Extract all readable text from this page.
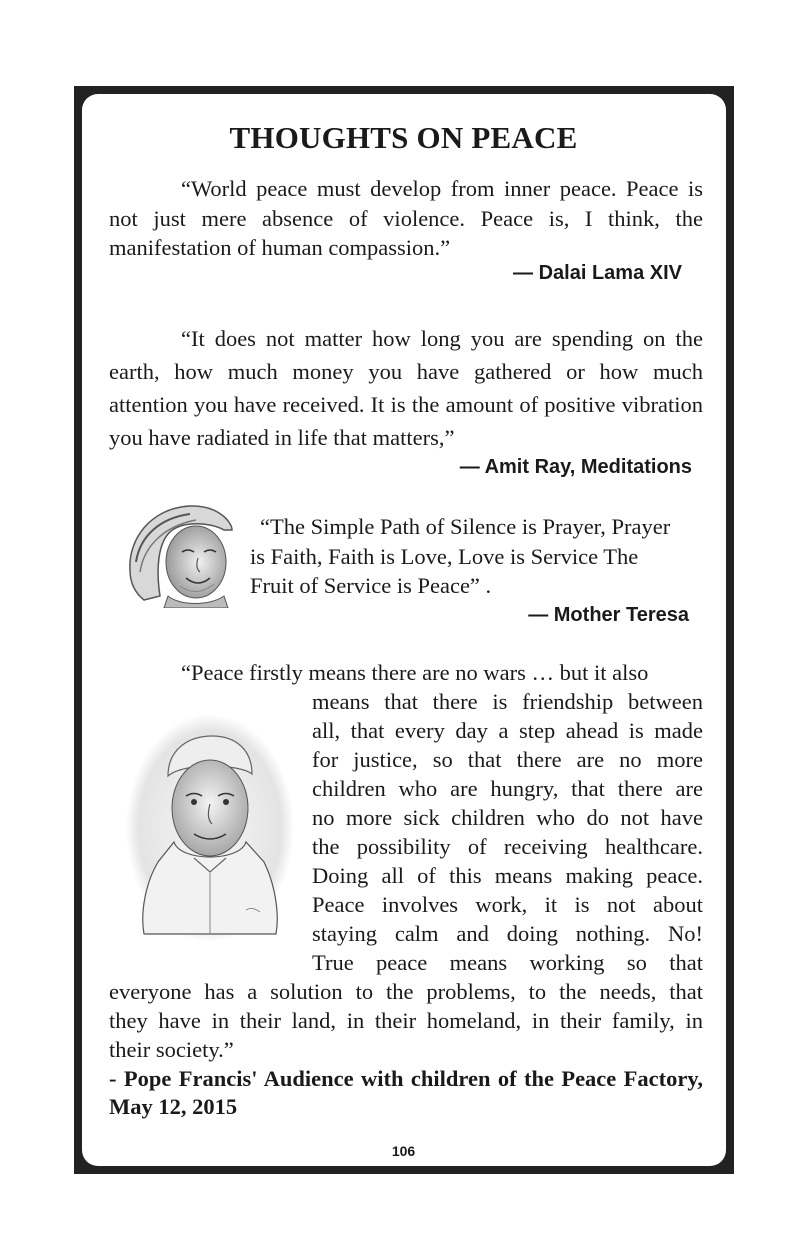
THOUGHTS ON PEACE

“World peace must develop from inner peace. Peace is not just mere absence of violence. Peace is, I think, the manifestation of human compassion.”

— Dalai Lama XIV

“It does not matter how long you are spending on the earth, how much money you have gathered or how much attention you have received. It is the amount of positive vibration you have radiated in life that matters,”

— Amit Ray, Meditations
“The Simple Path of Silence is Prayer, Prayer
is Faith, Faith is Love, Love is Service The
Fruit of Service is Peace” .
— Mother Teresa
“Peace firstly means there are no wars … but it also
means that there is friendship between
all, that every day a step ahead is made
for justice, so that there are no more
children who are hungry, that there are
no more sick children who do not have
the possibility of receiving healthcare.
Doing all of this means making peace.
Peace involves work, it is not about
staying calm and doing nothing. No!
True peace means working so that
everyone has a solution to the problems, to the needs, that
they have in their land, in their homeland, in their family, in
their society.”
- Pope Francis' Audience with children of the Peace Factory, May 12, 2015
106
